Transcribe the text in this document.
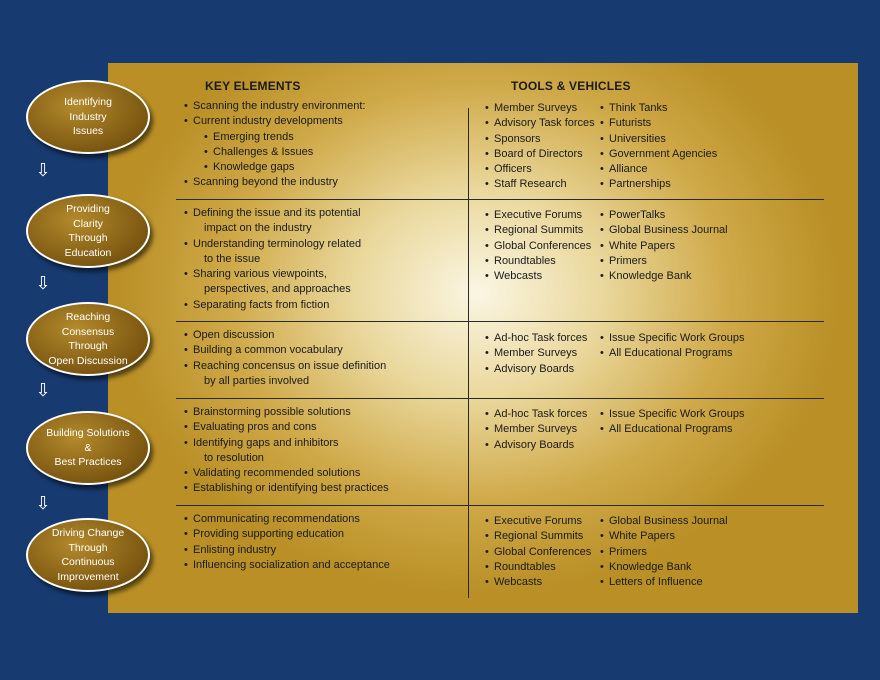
KEY ELEMENTS	TOOLS & VEHICLES
Identifying
Industry
Issues
⇩
Providing
Clarity
Through
Education
⇩
Reaching
Consensus
Through
Open Discussion
⇩
Building Solutions
&
Best Practices
⇩
Driving Change
Through
Continuous
Improvement
• Scanning the industry environment:
• Current industry developments
• Emerging trends
• Challenges & Issues
• Knowledge gaps
• Scanning beyond the industry
• Defining the issue and its potential
impact on the industry
• Understanding terminology related
to the issue
• Sharing various viewpoints,
perspectives, and approaches
• Separating facts from fiction
• Open discussion
• Building a common vocabulary
• Reaching concensus on issue definition
by all parties involved
• Brainstorming possible solutions
• Evaluating pros and cons
• Identifying gaps and inhibitors
to resolution
• Validating recommended solutions
• Establishing or identifying best practices
• Communicating recommendations
• Providing supporting education
• Enlisting industry
• Influencing socialization and acceptance
• Member Surveys
• Advisory Task forces
• Sponsors
• Board of Directors
• Officers
• Staff Research
• Think Tanks
• Futurists
• Universities
• Government Agencies
• Alliance
• Partnerships
• Executive Forums
• Regional Summits
• Global Conferences
• Roundtables
• Webcasts
• PowerTalks
• Global Business Journal
• White Papers
• Primers
• Knowledge Bank
• Ad-hoc Task forces
• Member Surveys
• Advisory Boards
• Issue Specific Work Groups
• All Educational Programs
• Ad-hoc Task forces
• Member Surveys
• Advisory Boards
• Issue Specific Work Groups
• All Educational Programs
• Executive Forums
• Regional Summits
• Global Conferences
• Roundtables
• Webcasts
• Global Business Journal
• White Papers
• Primers
• Knowledge Bank
• Letters of Influence
